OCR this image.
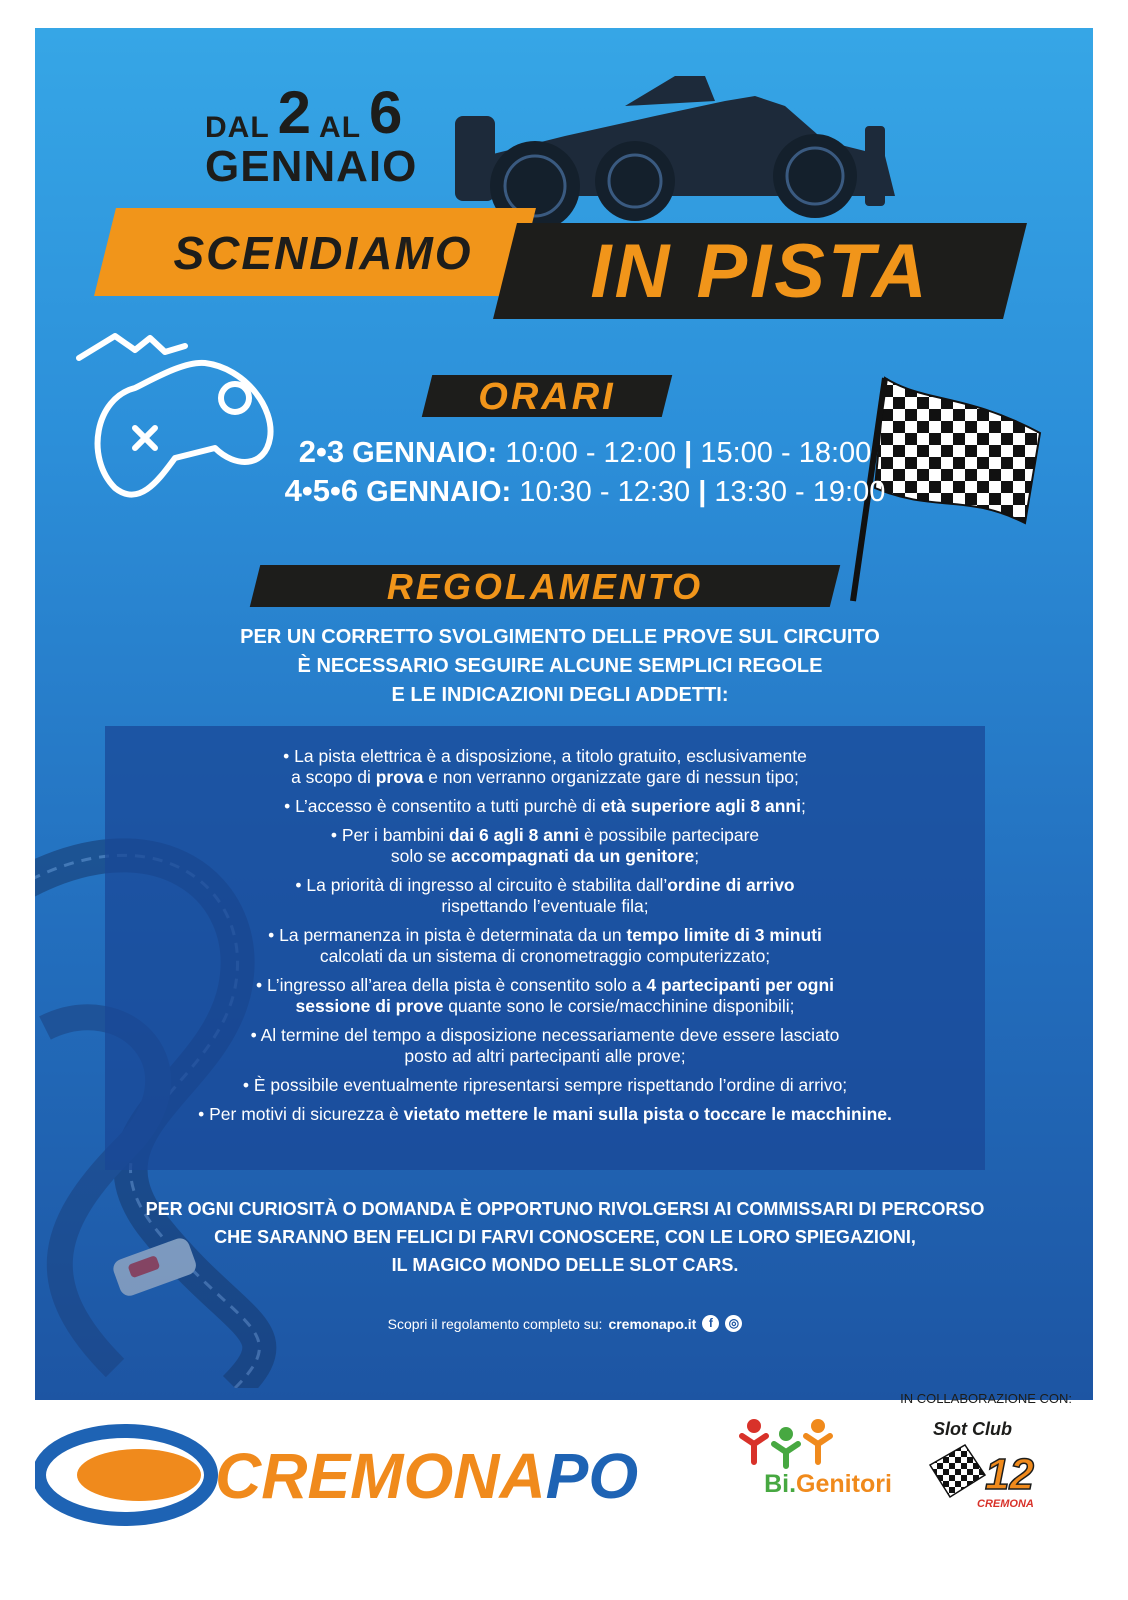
DAL 2 AL 6
GENNAIO
SCENDIAMO	IN PISTA
ORARI
2•3 GENNAIO: 10:00 - 12:00 | 15:00 - 18:00
4•5•6 GENNAIO: 10:30 - 12:30 | 13:30 - 19:00
REGOLAMENTO
PER UN CORRETTO SVOLGIMENTO DELLE PROVE SUL CIRCUITO
È NECESSARIO SEGUIRE ALCUNE SEMPLICI REGOLE
E LE INDICAZIONI DEGLI ADDETTI:
• La pista elettrica è a disposizione, a titolo gratuito, esclusivamente
a scopo di prova e non verranno organizzate gare di nessun tipo;
• L’accesso è consentito a tutti purchè di età superiore agli 8 anni;
• Per i bambini dai 6 agli 8 anni è possibile partecipare
solo se accompagnati da un genitore;
• La priorità di ingresso al circuito è stabilita dall’ordine di arrivo
rispettando l’eventuale fila;
• La permanenza in pista è determinata da un tempo limite di 3 minuti
calcolati da un sistema di cronometraggio computerizzato;
• L’ingresso all’area della pista è consentito solo a 4 partecipanti per ogni
sessione di prove quante sono le corsie/macchinine disponibili;
• Al termine del tempo a disposizione necessariamente deve essere lasciato
posto ad altri partecipanti alle prove;
• È possibile eventualmente ripresentarsi sempre rispettando l’ordine di arrivo;
• Per motivi di sicurezza è vietato mettere le mani sulla pista o toccare le macchinine.
PER OGNI CURIOSITÀ O DOMANDA È OPPORTUNO RIVOLGERSI AI COMMISSARI DI PERCORSO
CHE SARANNO BEN FELICI DI FARVI CONOSCERE, CON LE LORO SPIEGAZIONI,
IL MAGICO MONDO DELLE SLOT CARS.
Scopri il regolamento completo su: cremonapo.it	f	◎
CREMONAPO
IN COLLABORAZIONE CON:
Bi.Genitori
Slot Club
12
CREMONA
